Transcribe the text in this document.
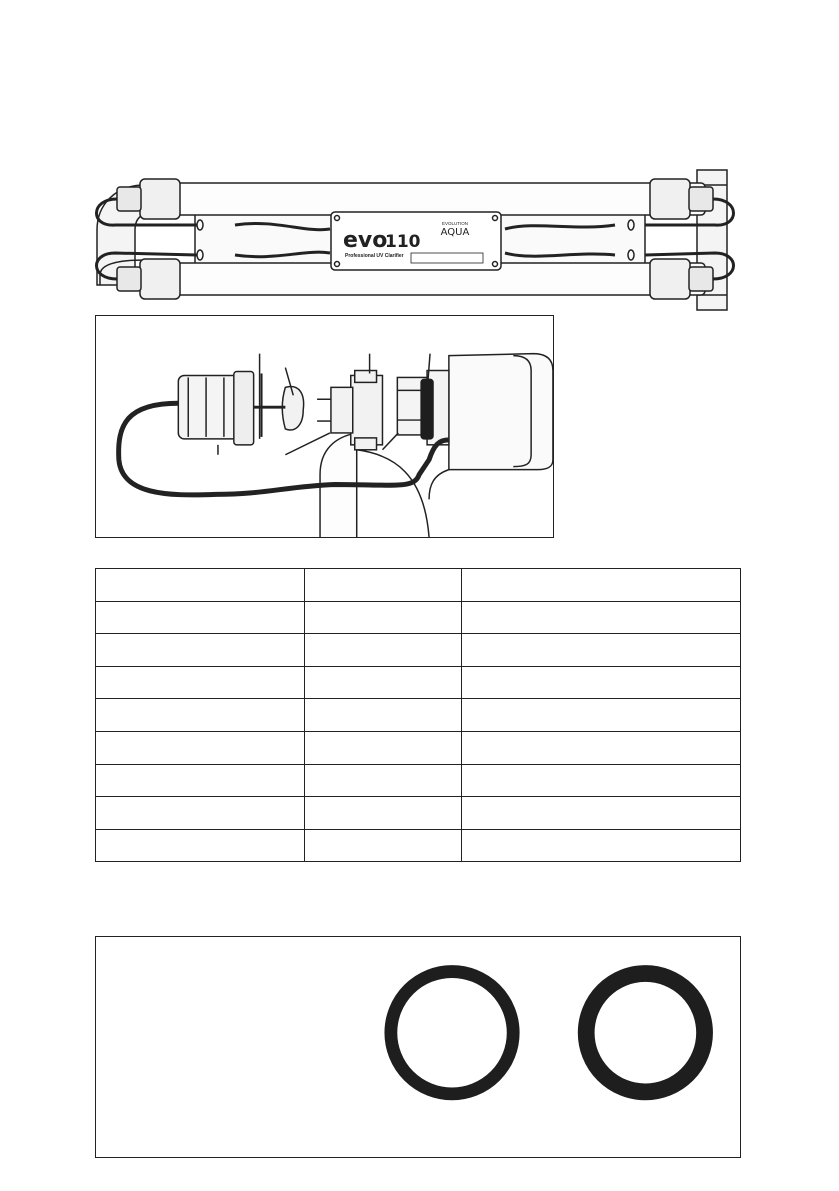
evo
110
Professional UV Clarifier
EVOLUTION
AQUA
